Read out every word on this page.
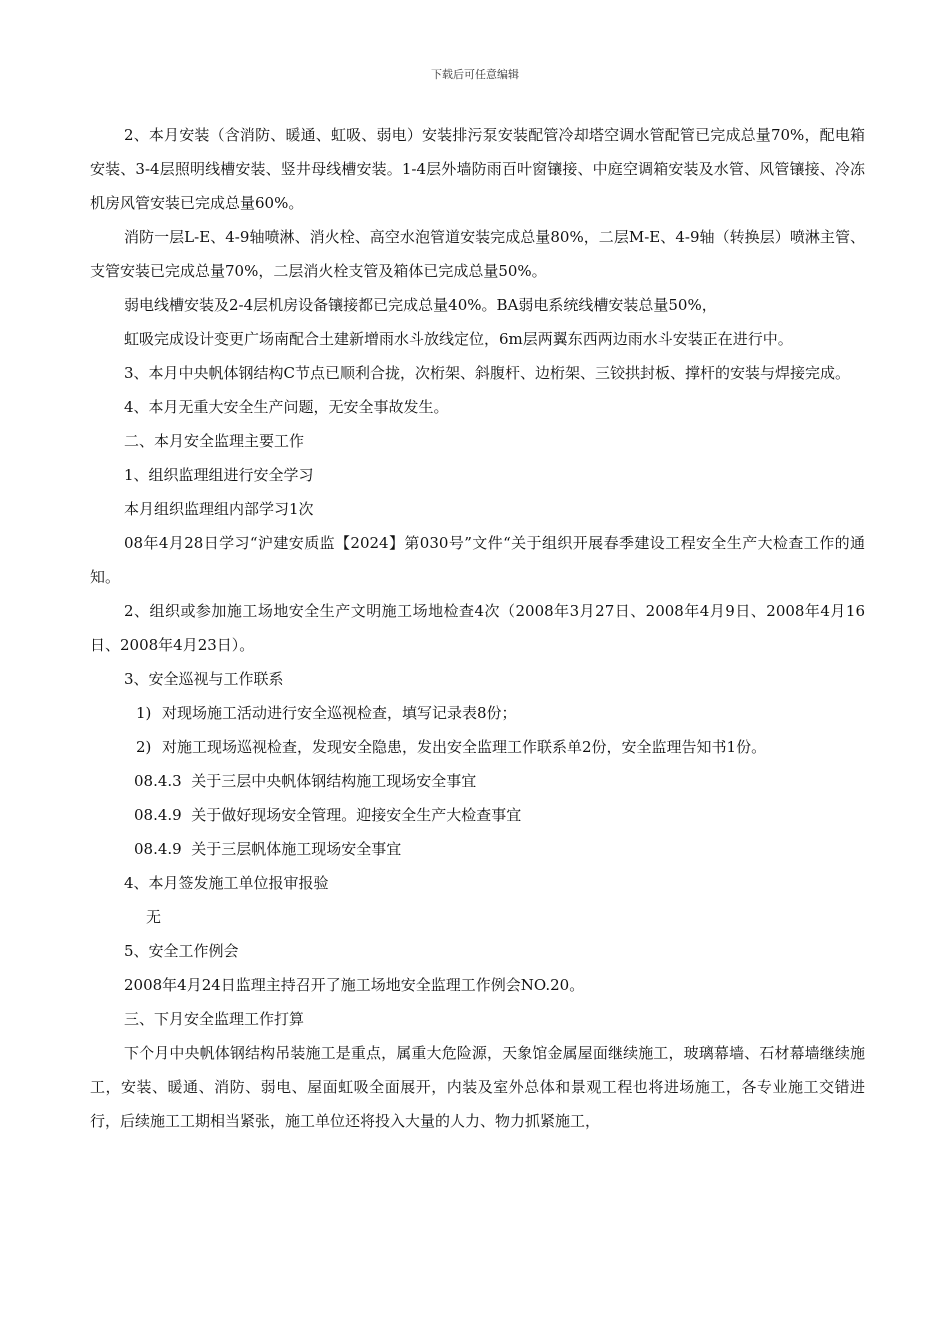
下载后可任意编辑

2、本月安装（含消防、暖通、虹吸、弱电）安装排污泵安装配管冷却塔空调水管配管已完成总量70%，配电箱安装、3-4层照明线槽安装、竖井母线槽安装。1-4层外墙防雨百叶窗镶接、中庭空调箱安装及水管、风管镶接、冷冻机房风管安装已完成总量60%。

消防一层L-E、4-9轴喷淋、消火栓、高空水泡管道安装完成总量80%，二层M-E、4-9轴（转换层）喷淋主管、支管安装已完成总量70%，二层消火栓支管及箱体已完成总量50%。

弱电线槽安装及2-4层机房设备镶接都已完成总量40%。BA弱电系统线槽安装总量50%，

虹吸完成设计变更广场南配合土建新增雨水斗放线定位，6m层两翼东西两边雨水斗安装正在进行中。

3、本月中央帆体钢结构C节点已顺利合拢，次桁架、斜腹杆、边桁架、三铰拱封板、撑杆的安装与焊接完成。

4、本月无重大安全生产问题，无安全事故发生。

二、本月安全监理主要工作

1、组织监理组进行安全学习

本月组织监理组内部学习1次

08年4月28日学习“沪建安质监【2024】第030号”文件“关于组织开展春季建设工程安全生产大检查工作的通知。

2、组织或参加施工场地安全生产文明施工场地检查4次（2008年3月27日、2008年4月9日、2008年4月16日、2008年4月23日）。

3、安全巡视与工作联系

1) 对现场施工活动进行安全巡视检查，填写记录表8份；

2) 对施工现场巡视检查，发现安全隐患，发出安全监理工作联系单2份，安全监理告知书1份。

08.4.3  关于三层中央帆体钢结构施工现场安全事宜

08.4.9  关于做好现场安全管理。迎接安全生产大检查事宜

08.4.9  关于三层帆体施工现场安全事宜

4、本月签发施工单位报审报验

无

5、安全工作例会

2008年4月24日监理主持召开了施工场地安全监理工作例会NO.20。

三、下月安全监理工作打算

下个月中央帆体钢结构吊装施工是重点，属重大危险源，天象馆金属屋面继续施工，玻璃幕墙、石材幕墙继续施工，安装、暖通、消防、弱电、屋面虹吸全面展开，内装及室外总体和景观工程也将进场施工，各专业施工交错进行，后续施工工期相当紧张，施工单位还将投入大量的人力、物力抓紧施工，
